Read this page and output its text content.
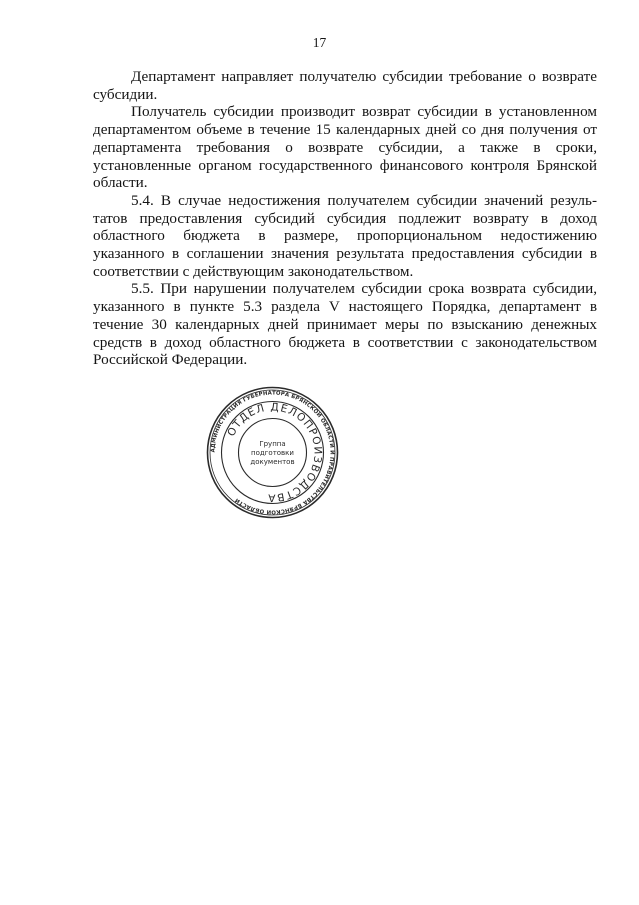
17

Департамент направляет получателю субсидии требование о возврате субсидии.

Получатель субсидии производит возврат субсидии в установленном департаментом объеме в течение 15 календарных дней со дня получения от департамента требования о возврате субсидии, а также в сроки, установленные органом государственного финансового контроля Брянской области.

5.4. В случае недостижения получателем субсидии значений результатов предоставления субсидий субсидия подлежит возврату в доход областного бюджета в размере, пропорциональном недостижению указанного в соглашении значения результата предоставления субсидии в соответствии с действующим законодательством.

5.5. При нарушении получателем субсидии срока возврата субсидии, указанного в пункте 5.3 раздела V настоящего Порядка, департамент в течение 30 календарных дней принимает меры по взысканию денежных средств в доход областного бюджета в соответствии с законодательством Российской Федерации.

АДМИНИСТРАЦИЯ ГУБЕРНАТОРА БРЯНСКОЙ ОБЛАСТИ И ПРАВИТЕЛЬСТВА БРЯНСКОЙ ОБЛАСТИ
ОТДЕЛ ДЕЛОПРОИЗВОДСТВА
Группа
подготовки
документов
